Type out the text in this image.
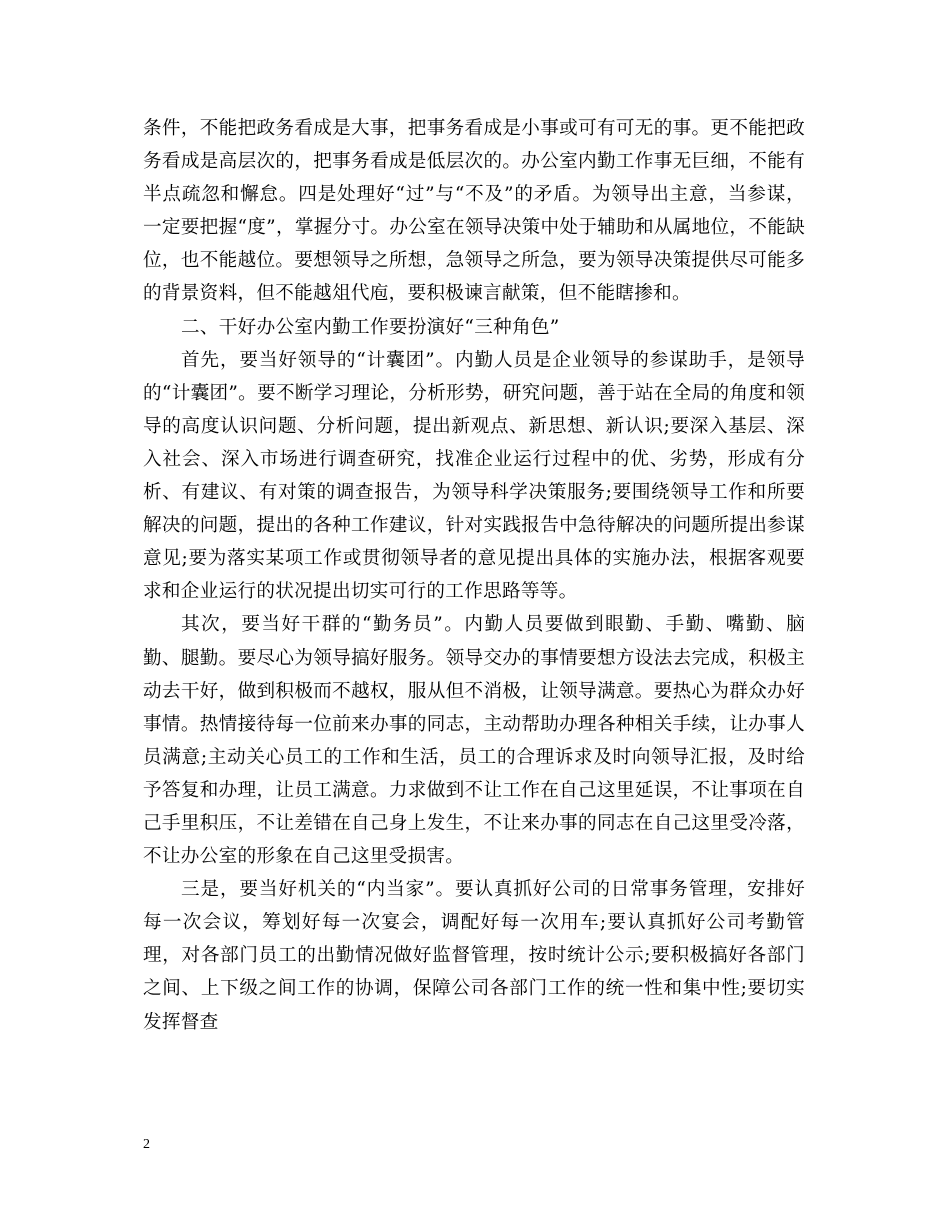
条件，不能把政务看成是大事，把事务看成是小事或可有可无的事。更不能把政务看成是高层次的，把事务看成是低层次的。办公室内勤工作事无巨细，不能有半点疏忽和懈怠。四是处理好“过”与“不及”的矛盾。为领导出主意，当参谋，一定要把握“度”，掌握分寸。办公室在领导决策中处于辅助和从属地位，不能缺位，也不能越位。要想领导之所想，急领导之所急，要为领导决策提供尽可能多的背景资料，但不能越俎代庖，要积极谏言献策，但不能瞎掺和。

二、干好办公室内勤工作要扮演好“三种角色”

首先，要当好领导的“计囊团”。内勤人员是企业领导的参谋助手，是领导的“计囊团”。要不断学习理论，分析形势，研究问题，善于站在全局的角度和领导的高度认识问题、分析问题，提出新观点、新思想、新认识;要深入基层、深入社会、深入市场进行调查研究，找准企业运行过程中的优、劣势，形成有分析、有建议、有对策的调查报告，为领导科学决策服务;要围绕领导工作和所要解决的问题，提出的各种工作建议，针对实践报告中急待解决的问题所提出参谋意见;要为落实某项工作或贯彻领导者的意见提出具体的实施办法，根据客观要求和企业运行的状况提出切实可行的工作思路等等。

其次，要当好干群的“勤务员”。内勤人员要做到眼勤、手勤、嘴勤、脑勤、腿勤。要尽心为领导搞好服务。领导交办的事情要想方设法去完成，积极主动去干好，做到积极而不越权，服从但不消极，让领导满意。要热心为群众办好事情。热情接待每一位前来办事的同志，主动帮助办理各种相关手续，让办事人员满意;主动关心员工的工作和生活，员工的合理诉求及时向领导汇报，及时给予答复和办理，让员工满意。力求做到不让工作在自己这里延误，不让事项在自己手里积压，不让差错在自己身上发生，不让来办事的同志在自己这里受冷落，不让办公室的形象在自己这里受损害。

三是，要当好机关的“内当家”。要认真抓好公司的日常事务管理，安排好每一次会议，筹划好每一次宴会，调配好每一次用车;要认真抓好公司考勤管理，对各部门员工的出勤情况做好监督管理，按时统计公示;要积极搞好各部门之间、上下级之间工作的协调，保障公司各部门工作的统一性和集中性;要切实发挥督查

2
